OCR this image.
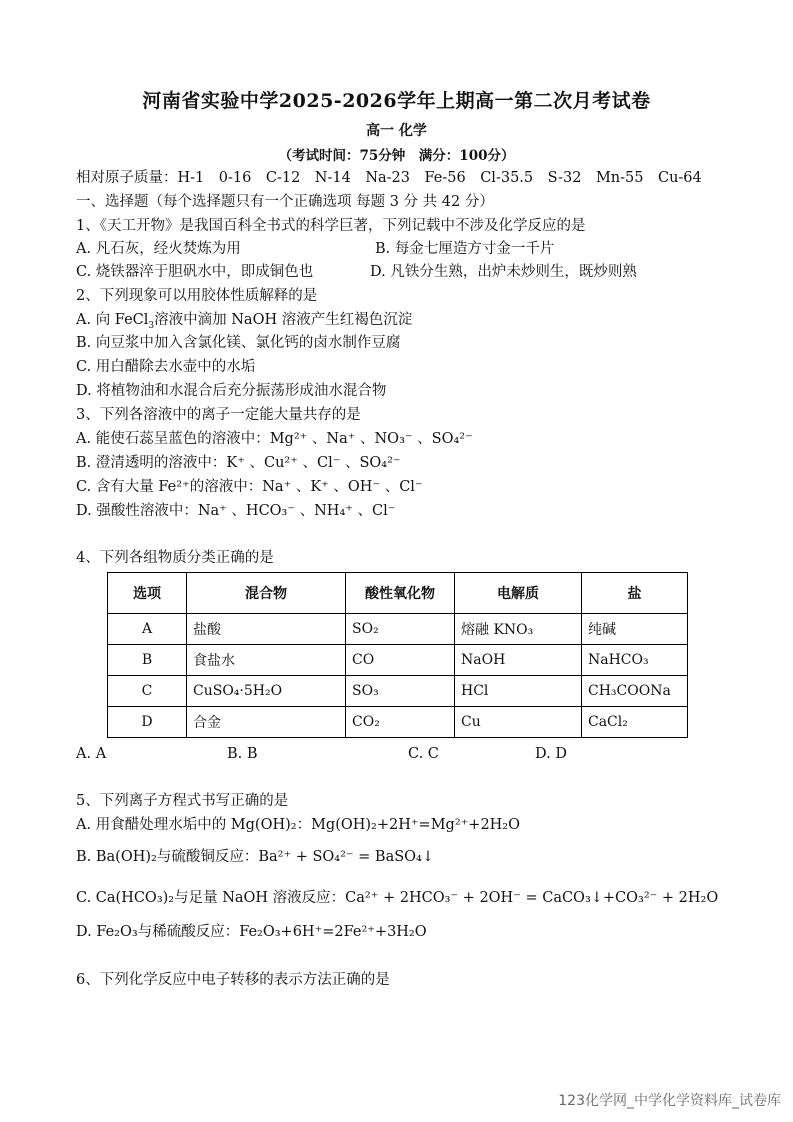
河南省实验中学2025-2026学年上期高一第二次月考试卷
高一 化学
（考试时间：75分钟　满分：100分）
相对原子质量：H-1　0-16　C-12　N-14　Na-23　Fe-56　Cl-35.5　S-32　Mn-55　Cu-64
一、选择题（每个选择题只有一个正确选项 每题 3 分 共 42 分）
1、《天工开物》是我国百科全书式的科学巨著，下列记载中不涉及化学反应的是
A. 凡石灰，经火焚炼为用	B. 每金七厘造方寸金一千片
C. 烧铁器淬于胆矾水中，即成铜色也	D. 凡铁分生熟，出炉未炒则生，既炒则熟
2、下列现象可以用胶体性质解释的是
A. 向 FeCl$_3$溶液中滴加 NaOH 溶液产生红褐色沉淀
B. 向豆浆中加入含氯化镁、氯化钙的卤水制作豆腐
C. 用白醋除去水壶中的水垢
D. 将植物油和水混合后充分振荡形成油水混合物
3、下列各溶液中的离子一定能大量共存的是
A. 能使石蕊呈蓝色的溶液中：Mg²⁺ 、Na⁺ 、NO₃⁻ 、SO₄²⁻
B. 澄清透明的溶液中：K⁺ 、Cu²⁺ 、Cl⁻ 、SO₄²⁻
C. 含有大量 Fe²⁺的溶液中：Na⁺ 、K⁺ 、OH⁻ 、Cl⁻
D. 强酸性溶液中：Na⁺ 、HCO₃⁻ 、NH₄⁺ 、Cl⁻
4、下列各组物质分类正确的是
选项	混合物	酸性氧化物	电解质	盐
A	盐酸	SO₂	熔融 KNO₃	纯碱
B	食盐水	CO	NaOH	NaHCO₃
C	CuSO₄·5H₂O	SO₃	HCl	CH₃COONa
D	合金	CO₂	Cu	CaCl₂
A. A	B. B	C. C	D. D
5、下列离子方程式书写正确的是
A. 用食醋处理水垢中的 Mg(OH)₂：Mg(OH)₂+2H⁺=Mg²⁺+2H₂O
B. Ba(OH)₂与硫酸铜反应：Ba²⁺ + SO₄²⁻ = BaSO₄↓
C. Ca(HCO₃)₂与足量 NaOH 溶液反应：Ca²⁺ + 2HCO₃⁻ + 2OH⁻ = CaCO₃↓+CO₃²⁻ + 2H₂O
D. Fe₂O₃与稀硫酸反应：Fe₂O₃+6H⁺=2Fe²⁺+3H₂O
6、下列化学反应中电子转移的表示方法正确的是
123化学网_中学化学资料库_试卷库
